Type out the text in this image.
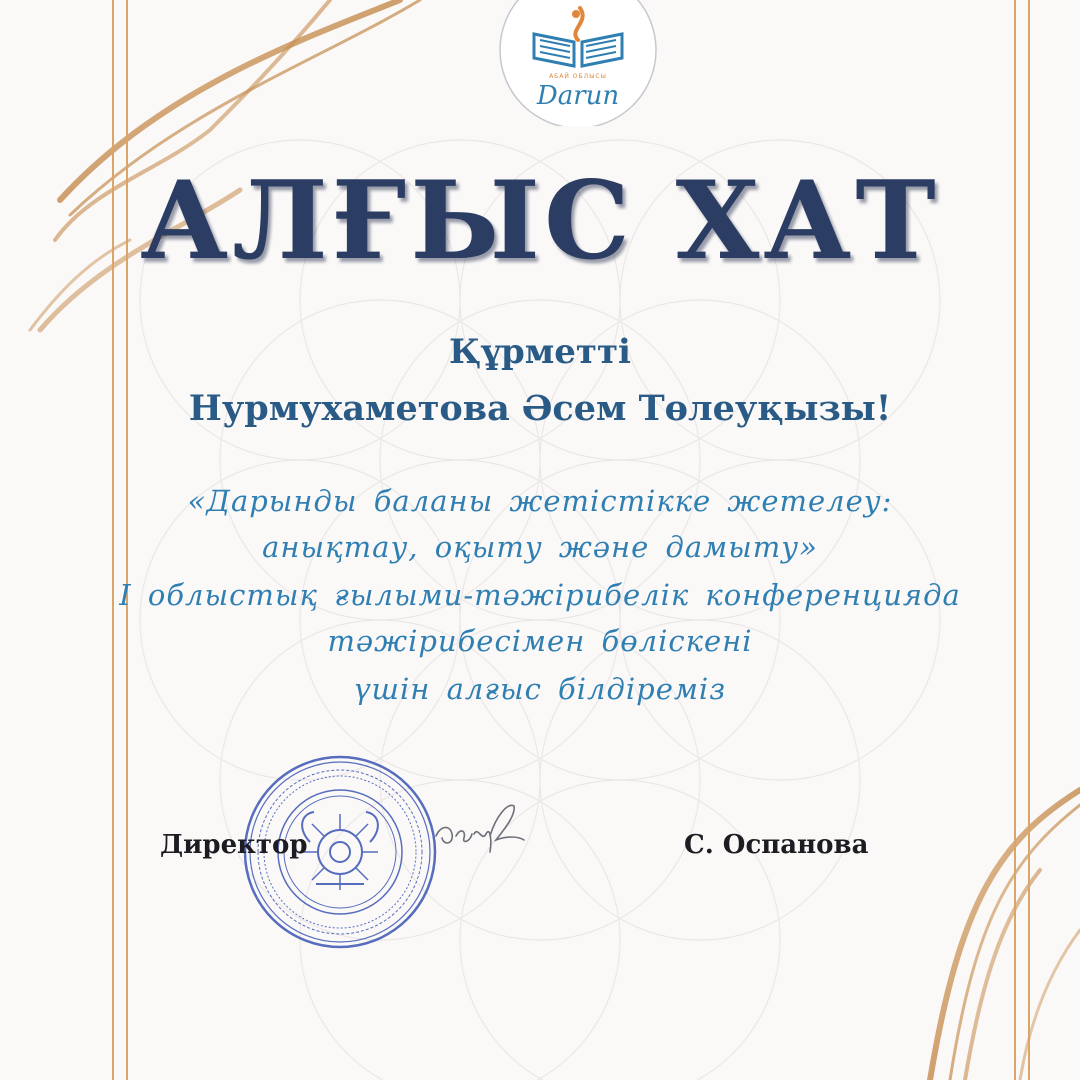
АБАЙ ОБЛЫСЫ
Darun
АЛҒЫС ХАТ

Құрметті

Нурмухаметова Әсем Төлеуқызы!

«Дарынды баланы жетістікке жетелеу:

анықтау, оқыту және дамыту»

I облыстық ғылыми-тәжірибелік конференцияда

тәжірибесімен бөліскені

үшін алғыс білдіреміз

Директор	С. Оспанова
